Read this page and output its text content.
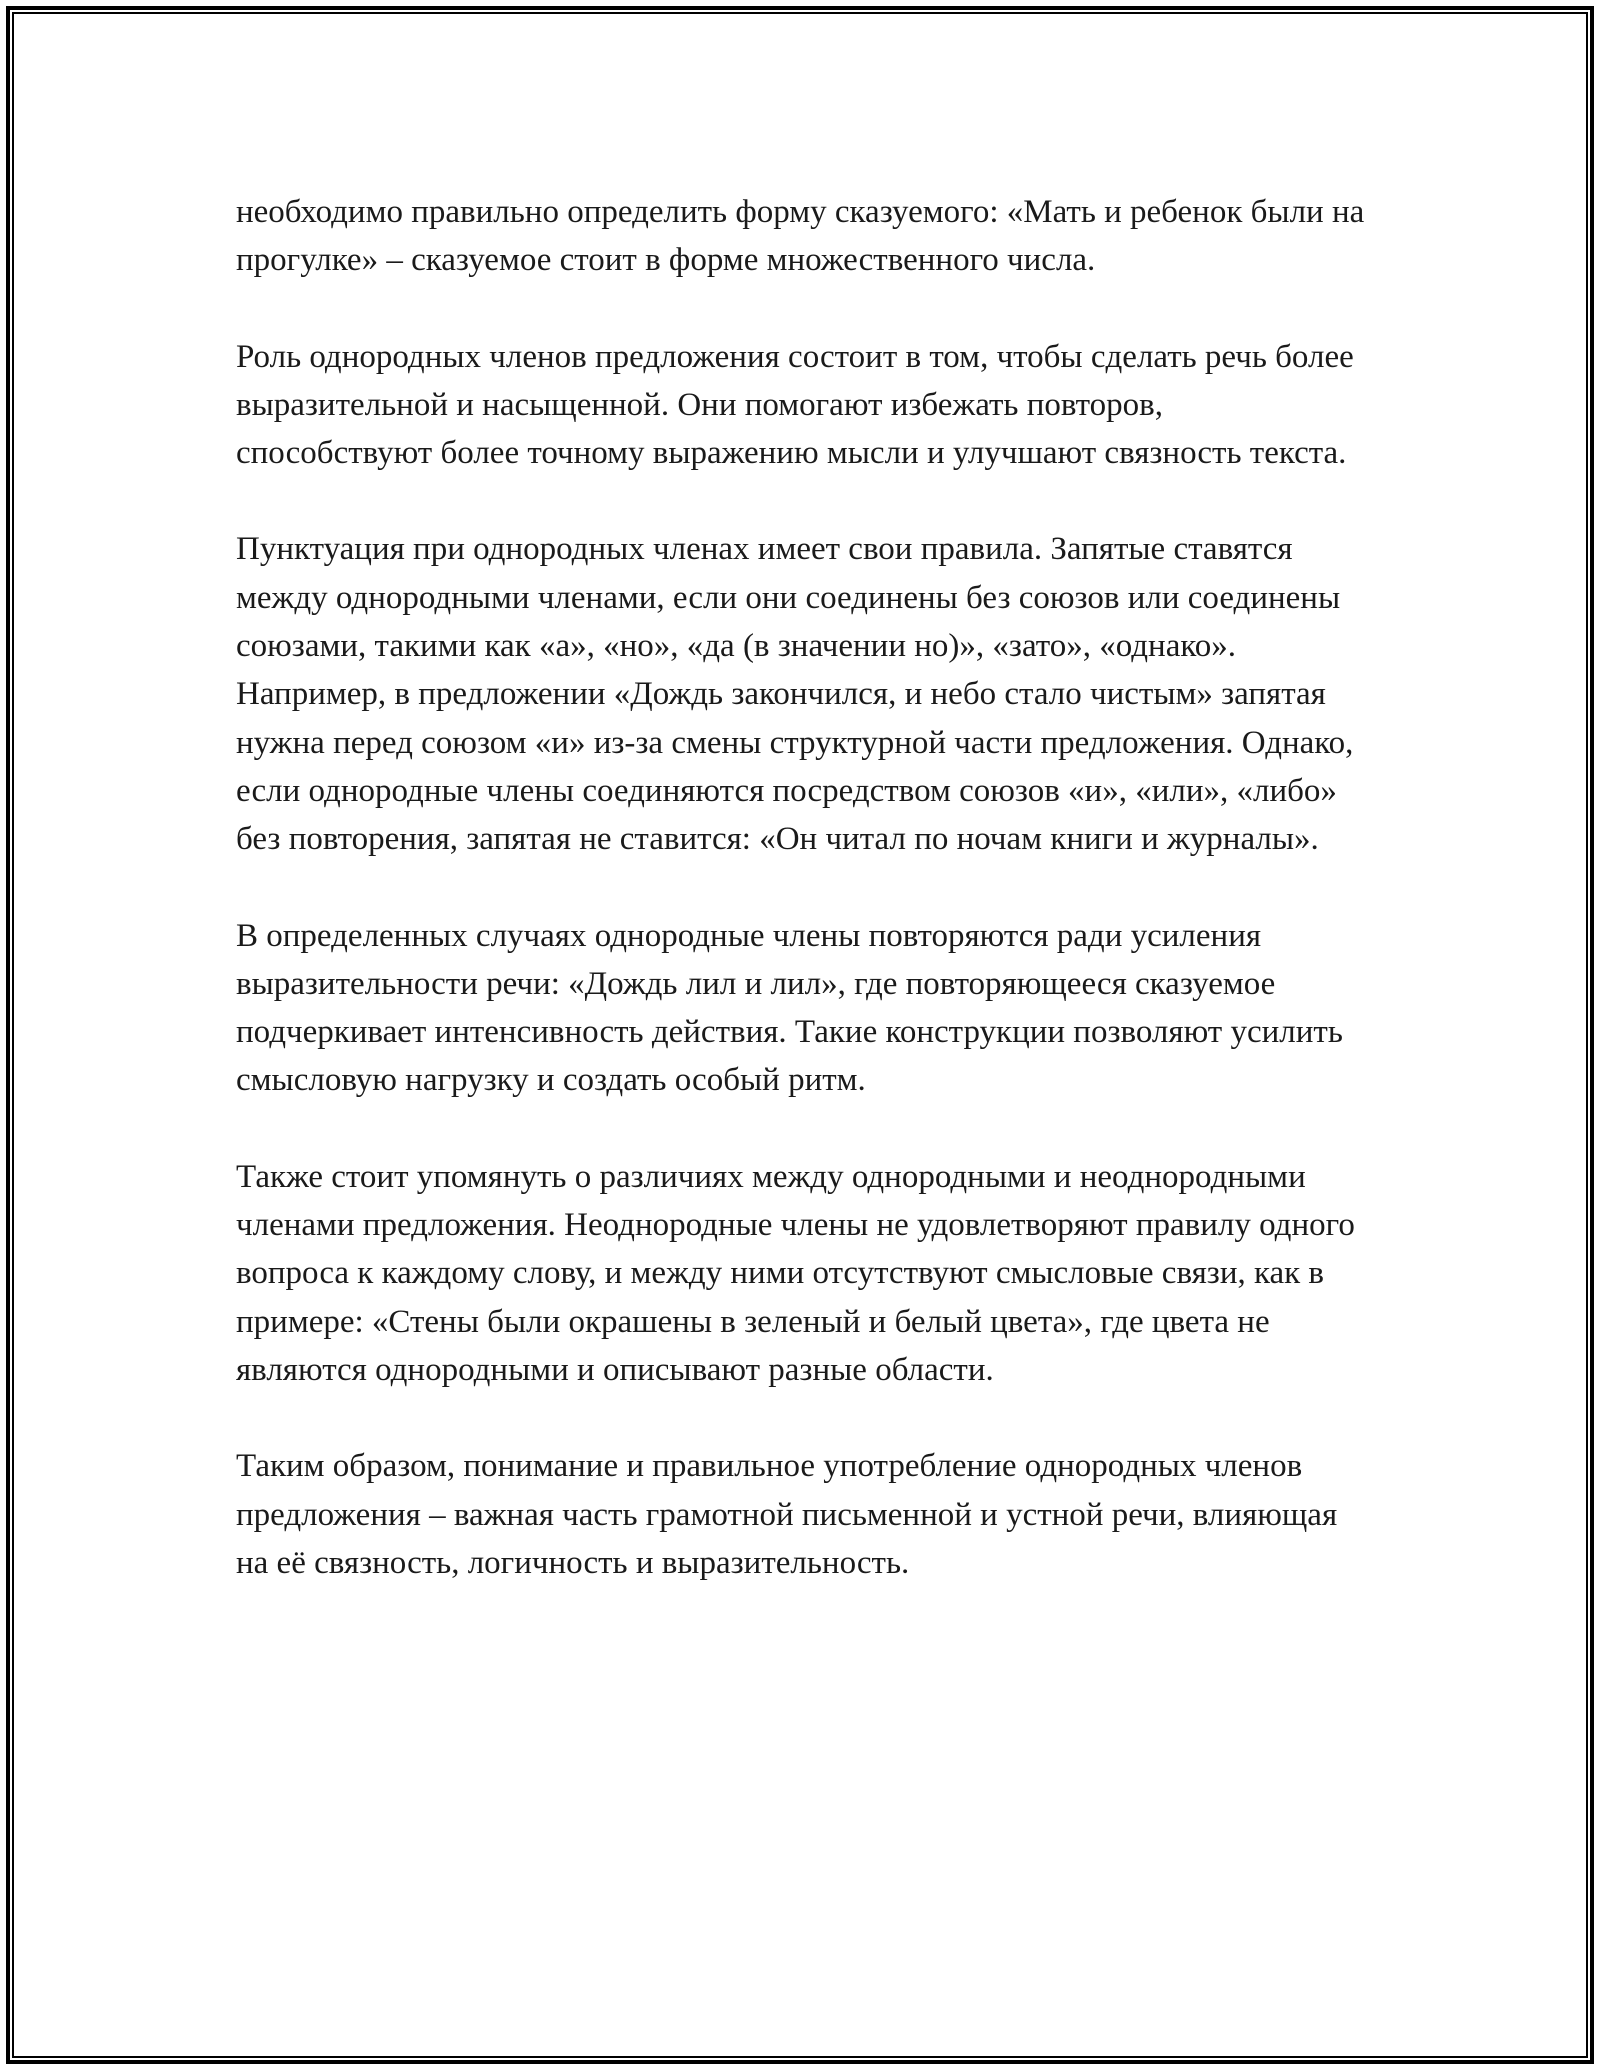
необходимо правильно определить форму сказуемого: «Мать и ребенок были на прогулке» – сказуемое стоит в форме множественного числа.

Роль однородных членов предложения состоит в том, чтобы сделать речь более выразительной и насыщенной. Они помогают избежать повторов, способствуют более точному выражению мысли и улучшают связность текста.

Пунктуация при однородных членах имеет свои правила. Запятые ставятся между однородными членами, если они соединены без союзов или соединены союзами, такими как «а», «но», «да (в значении но)», «зато», «однако». Например, в предложении «Дождь закончился, и небо стало чистым» запятая нужна перед союзом «и» из-за смены структурной части предложения. Однако, если однородные члены соединяются посредством союзов «и», «или», «либо» без повторения, запятая не ставится: «Он читал по ночам книги и журналы».

В определенных случаях однородные члены повторяются ради усиления выразительности речи: «Дождь лил и лил», где повторяющееся сказуемое подчеркивает интенсивность действия. Такие конструкции позволяют усилить смысловую нагрузку и создать особый ритм.

Также стоит упомянуть о различиях между однородными и неоднородными членами предложения. Неоднородные члены не удовлетворяют правилу одного вопроса к каждому слову, и между ними отсутствуют смысловые связи, как в примере: «Стены были окрашены в зеленый и белый цвета», где цвета не являются однородными и описывают разные области.

Таким образом, понимание и правильное употребление однородных членов предложения – важная часть грамотной письменной и устной речи, влияющая на её связность, логичность и выразительность.
